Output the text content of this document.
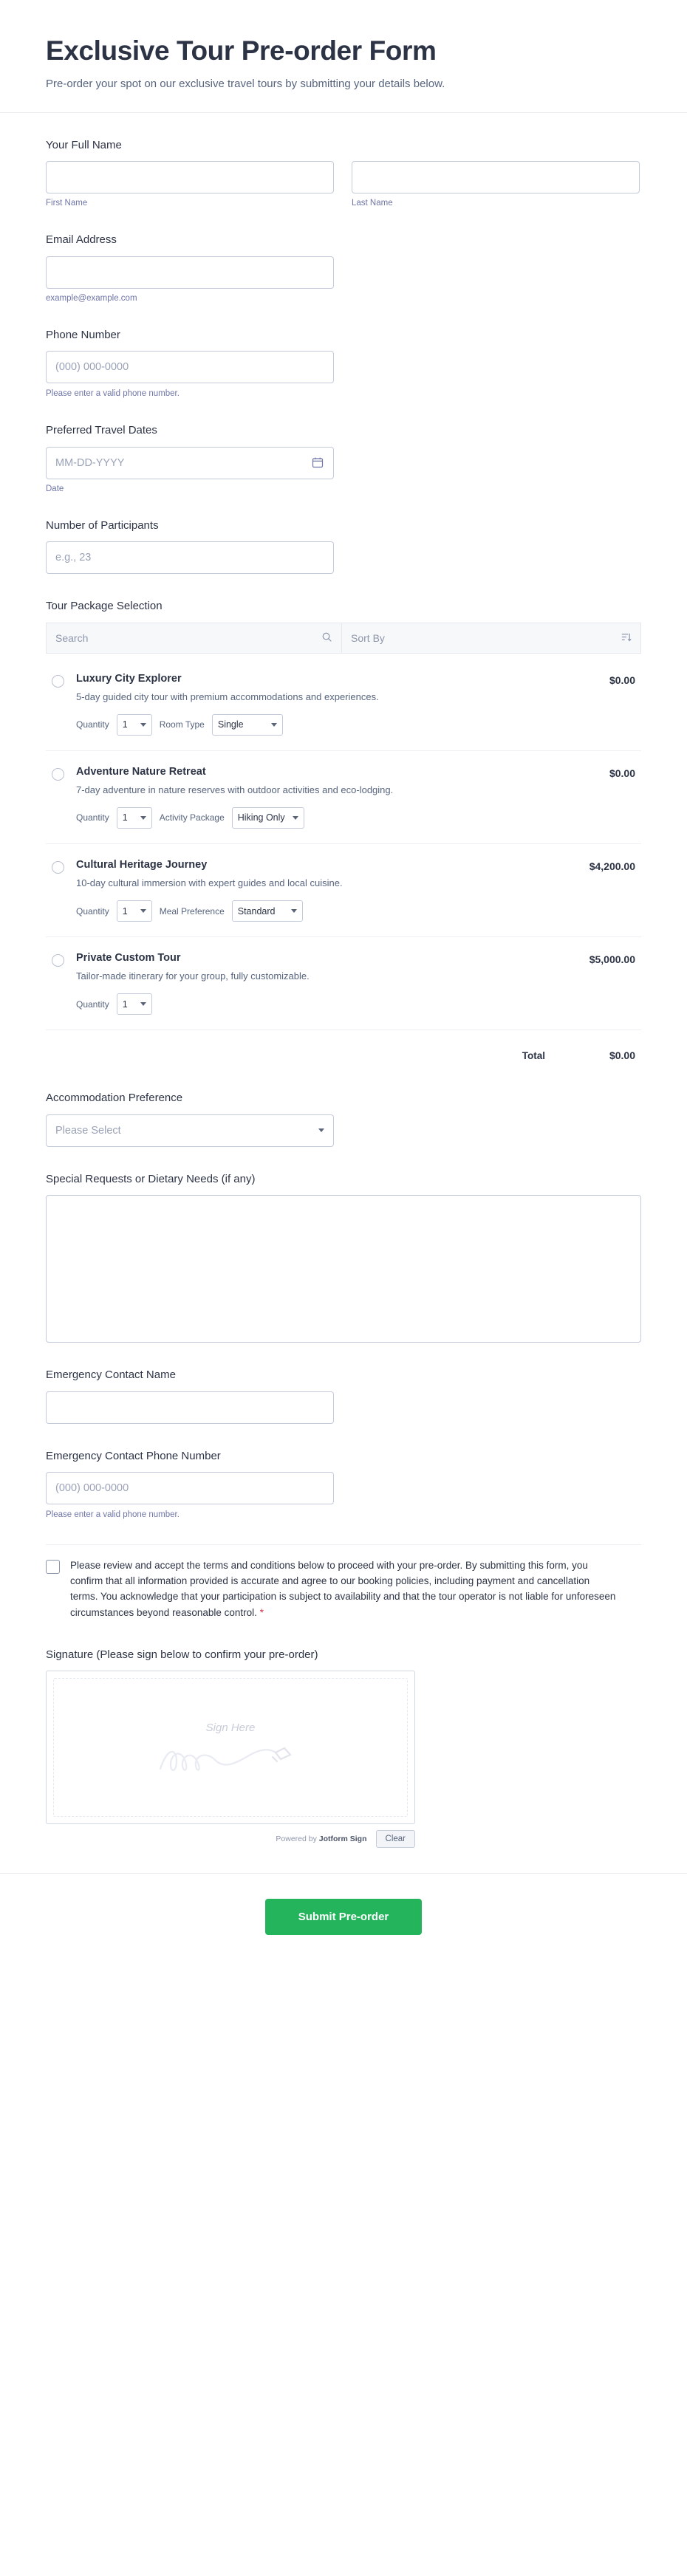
Exclusive Tour Pre-order Form

Pre-order your spot on our exclusive travel tours by submitting your details below.

Your Full Name
First Name	Last Name
Email Address
example@example.com
Phone Number
(000) 000-0000
Please enter a valid phone number.
Preferred Travel Dates
MM-DD-YYYY
Date
Number of Participants
e.g., 23
Tour Package Selection
Search	Sort By
Luxury City Explorer
5-day guided city tour with premium accommodations and experiences.
Quantity 1	Room Type Single
$0.00
Adventure Nature Retreat
7-day adventure in nature reserves with outdoor activities and eco-lodging.
Quantity 1	Activity Package Hiking Only
$0.00
Cultural Heritage Journey
10-day cultural immersion with expert guides and local cuisine.
Quantity 1	Meal Preference Standard
$4,200.00
Private Custom Tour
Tailor-made itinerary for your group, fully customizable.
Quantity 1
$5,000.00
Total	$0.00
Accommodation Preference
Please Select
Special Requests or Dietary Needs (if any)
Emergency Contact Name
Emergency Contact Phone Number
(000) 000-0000
Please enter a valid phone number.
Please review and accept the terms and conditions below to proceed with your pre-order. By submitting this form, you confirm that all information provided is accurate and agree to our booking policies, including payment and cancellation terms. You acknowledge that your participation is subject to availability and that the tour operator is not liable for unforeseen circumstances beyond reasonable control. *
Signature (Please sign below to confirm your pre-order)
Sign Here
Powered by Jotform Sign	Clear
Submit Pre-order
